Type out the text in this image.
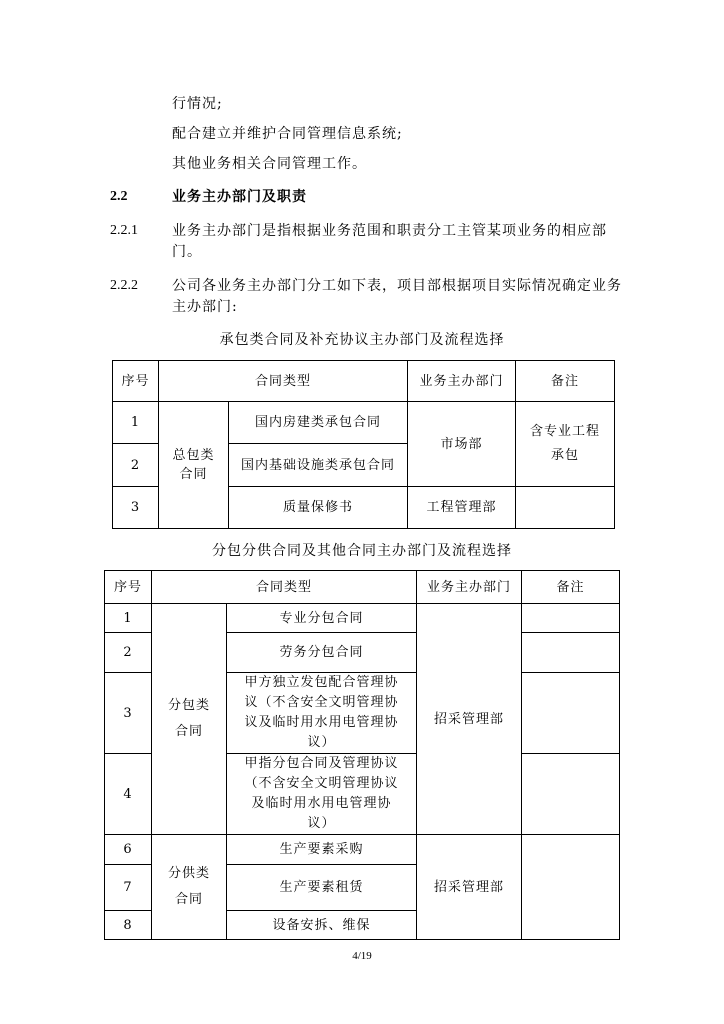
行情况;
配合建立并维护合同管理信息系统;
其他业务相关合同管理工作。
2.2	业务主办部门及职责
2.2.1 业务主办部门是指根据业务范围和职责分工主管某项业务的相应部
门。
2.2.2 公司各业务主办部门分工如下表，项目部根据项目实际情况确定业务
主办部门:
承包类合同及补充协议主办部门及流程选择
序号	合同类型		业务主办部门	备注
1	总包类合同	国内房建类承包合同	市场部	含专业工程承包

2		国内基础设施类承包合同		
3		质量保修书	工程管理部	
分包分供合同及其他合同主办部门及流程选择
序号	合同类型		业务主办部门	备注
1	分包类合同	专业分包合同	招采管理部	
2		劳务分包合同		
3		甲方独立发包配合管理协议（不含安全文明管理协议及临时用水用电管理协议）		

4		甲指分包合同及管理协议（不含安全文明管理协议及临时用水用电管理协议）		

6	分供类合同	生产要素采购	招采管理部	
7		生产要素租赁		
8		设备安拆、维保		
4/19
